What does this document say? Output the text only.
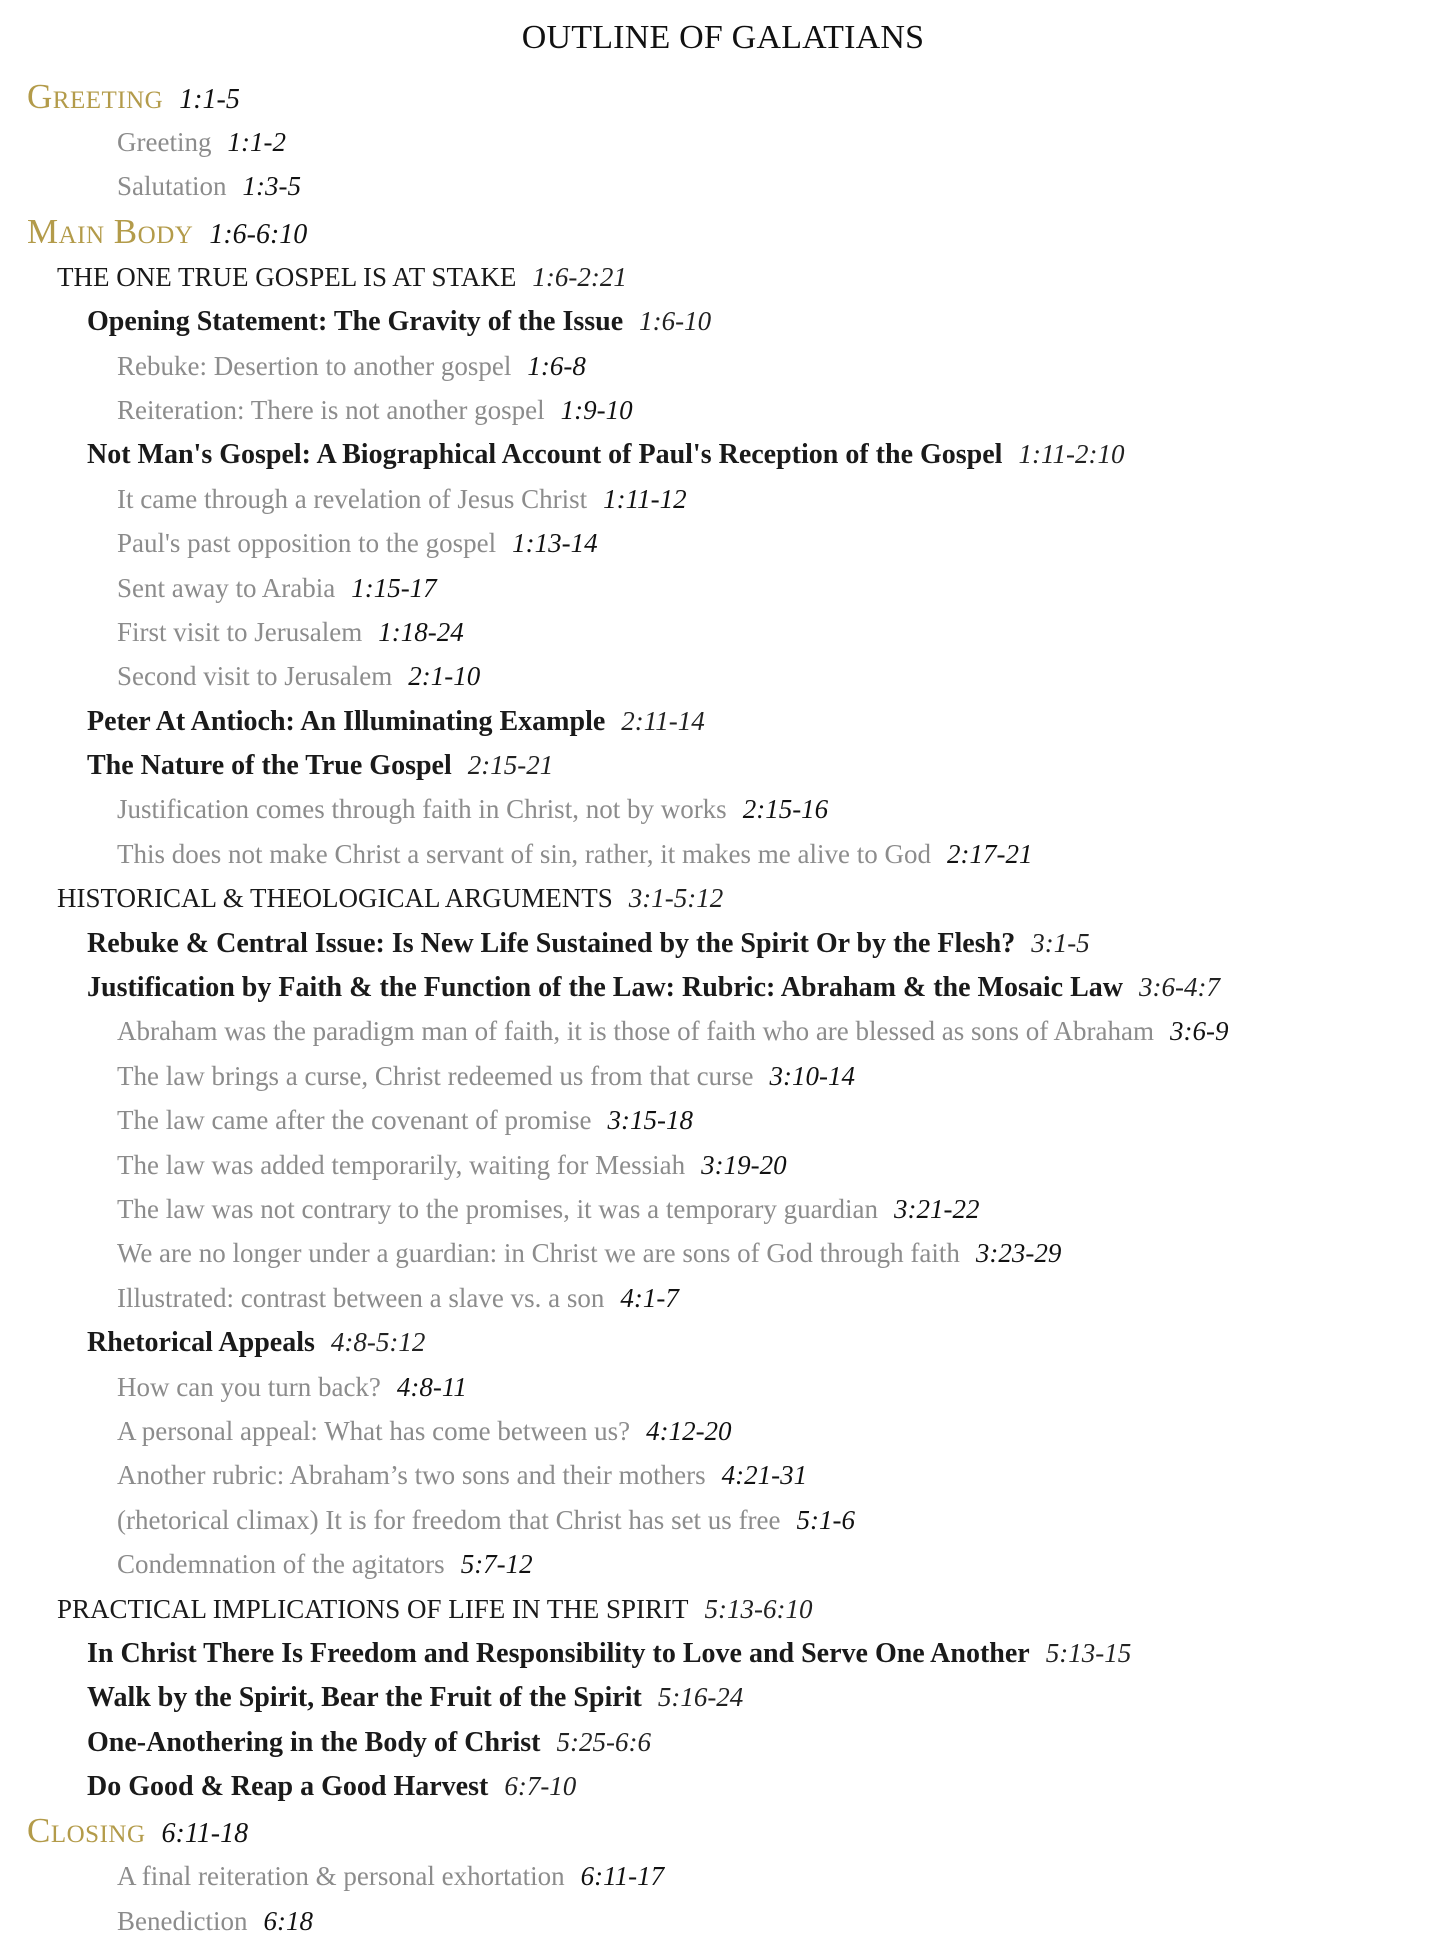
OUTLINE OF GALATIANS
Greeting 1:1-5
Greeting 1:1-2
Salutation 1:3-5
Main Body 1:6-6:10
THE ONE TRUE GOSPEL IS AT STAKE 1:6-2:21
Opening Statement: The Gravity of the Issue 1:6-10
Rebuke: Desertion to another gospel 1:6-8
Reiteration: There is not another gospel 1:9-10
Not Man's Gospel: A Biographical Account of Paul's Reception of the Gospel 1:11-2:10
It came through a revelation of Jesus Christ 1:11-12
Paul's past opposition to the gospel 1:13-14
Sent away to Arabia 1:15-17
First visit to Jerusalem 1:18-24
Second visit to Jerusalem 2:1-10
Peter At Antioch: An Illuminating Example 2:11-14
The Nature of the True Gospel 2:15-21
Justification comes through faith in Christ, not by works 2:15-16
This does not make Christ a servant of sin, rather, it makes me alive to God 2:17-21
HISTORICAL & THEOLOGICAL ARGUMENTS 3:1-5:12
Rebuke & Central Issue: Is New Life Sustained by the Spirit Or by the Flesh? 3:1-5
Justification by Faith & the Function of the Law: Rubric: Abraham & the Mosaic Law 3:6-4:7
Abraham was the paradigm man of faith, it is those of faith who are blessed as sons of Abraham 3:6-9
The law brings a curse, Christ redeemed us from that curse 3:10-14
The law came after the covenant of promise 3:15-18
The law was added temporarily, waiting for Messiah 3:19-20
The law was not contrary to the promises, it was a temporary guardian 3:21-22
We are no longer under a guardian: in Christ we are sons of God through faith 3:23-29
Illustrated: contrast between a slave vs. a son 4:1-7
Rhetorical Appeals 4:8-5:12
How can you turn back? 4:8-11
A personal appeal: What has come between us? 4:12-20
Another rubric: Abraham’s two sons and their mothers 4:21-31
(rhetorical climax) It is for freedom that Christ has set us free 5:1-6
Condemnation of the agitators 5:7-12
PRACTICAL IMPLICATIONS OF LIFE IN THE SPIRIT 5:13-6:10
In Christ There Is Freedom and Responsibility to Love and Serve One Another 5:13-15
Walk by the Spirit, Bear the Fruit of the Spirit 5:16-24
One-Anothering in the Body of Christ 5:25-6:6
Do Good & Reap a Good Harvest 6:7-10
Closing 6:11-18
A final reiteration & personal exhortation 6:11-17
Benediction 6:18
